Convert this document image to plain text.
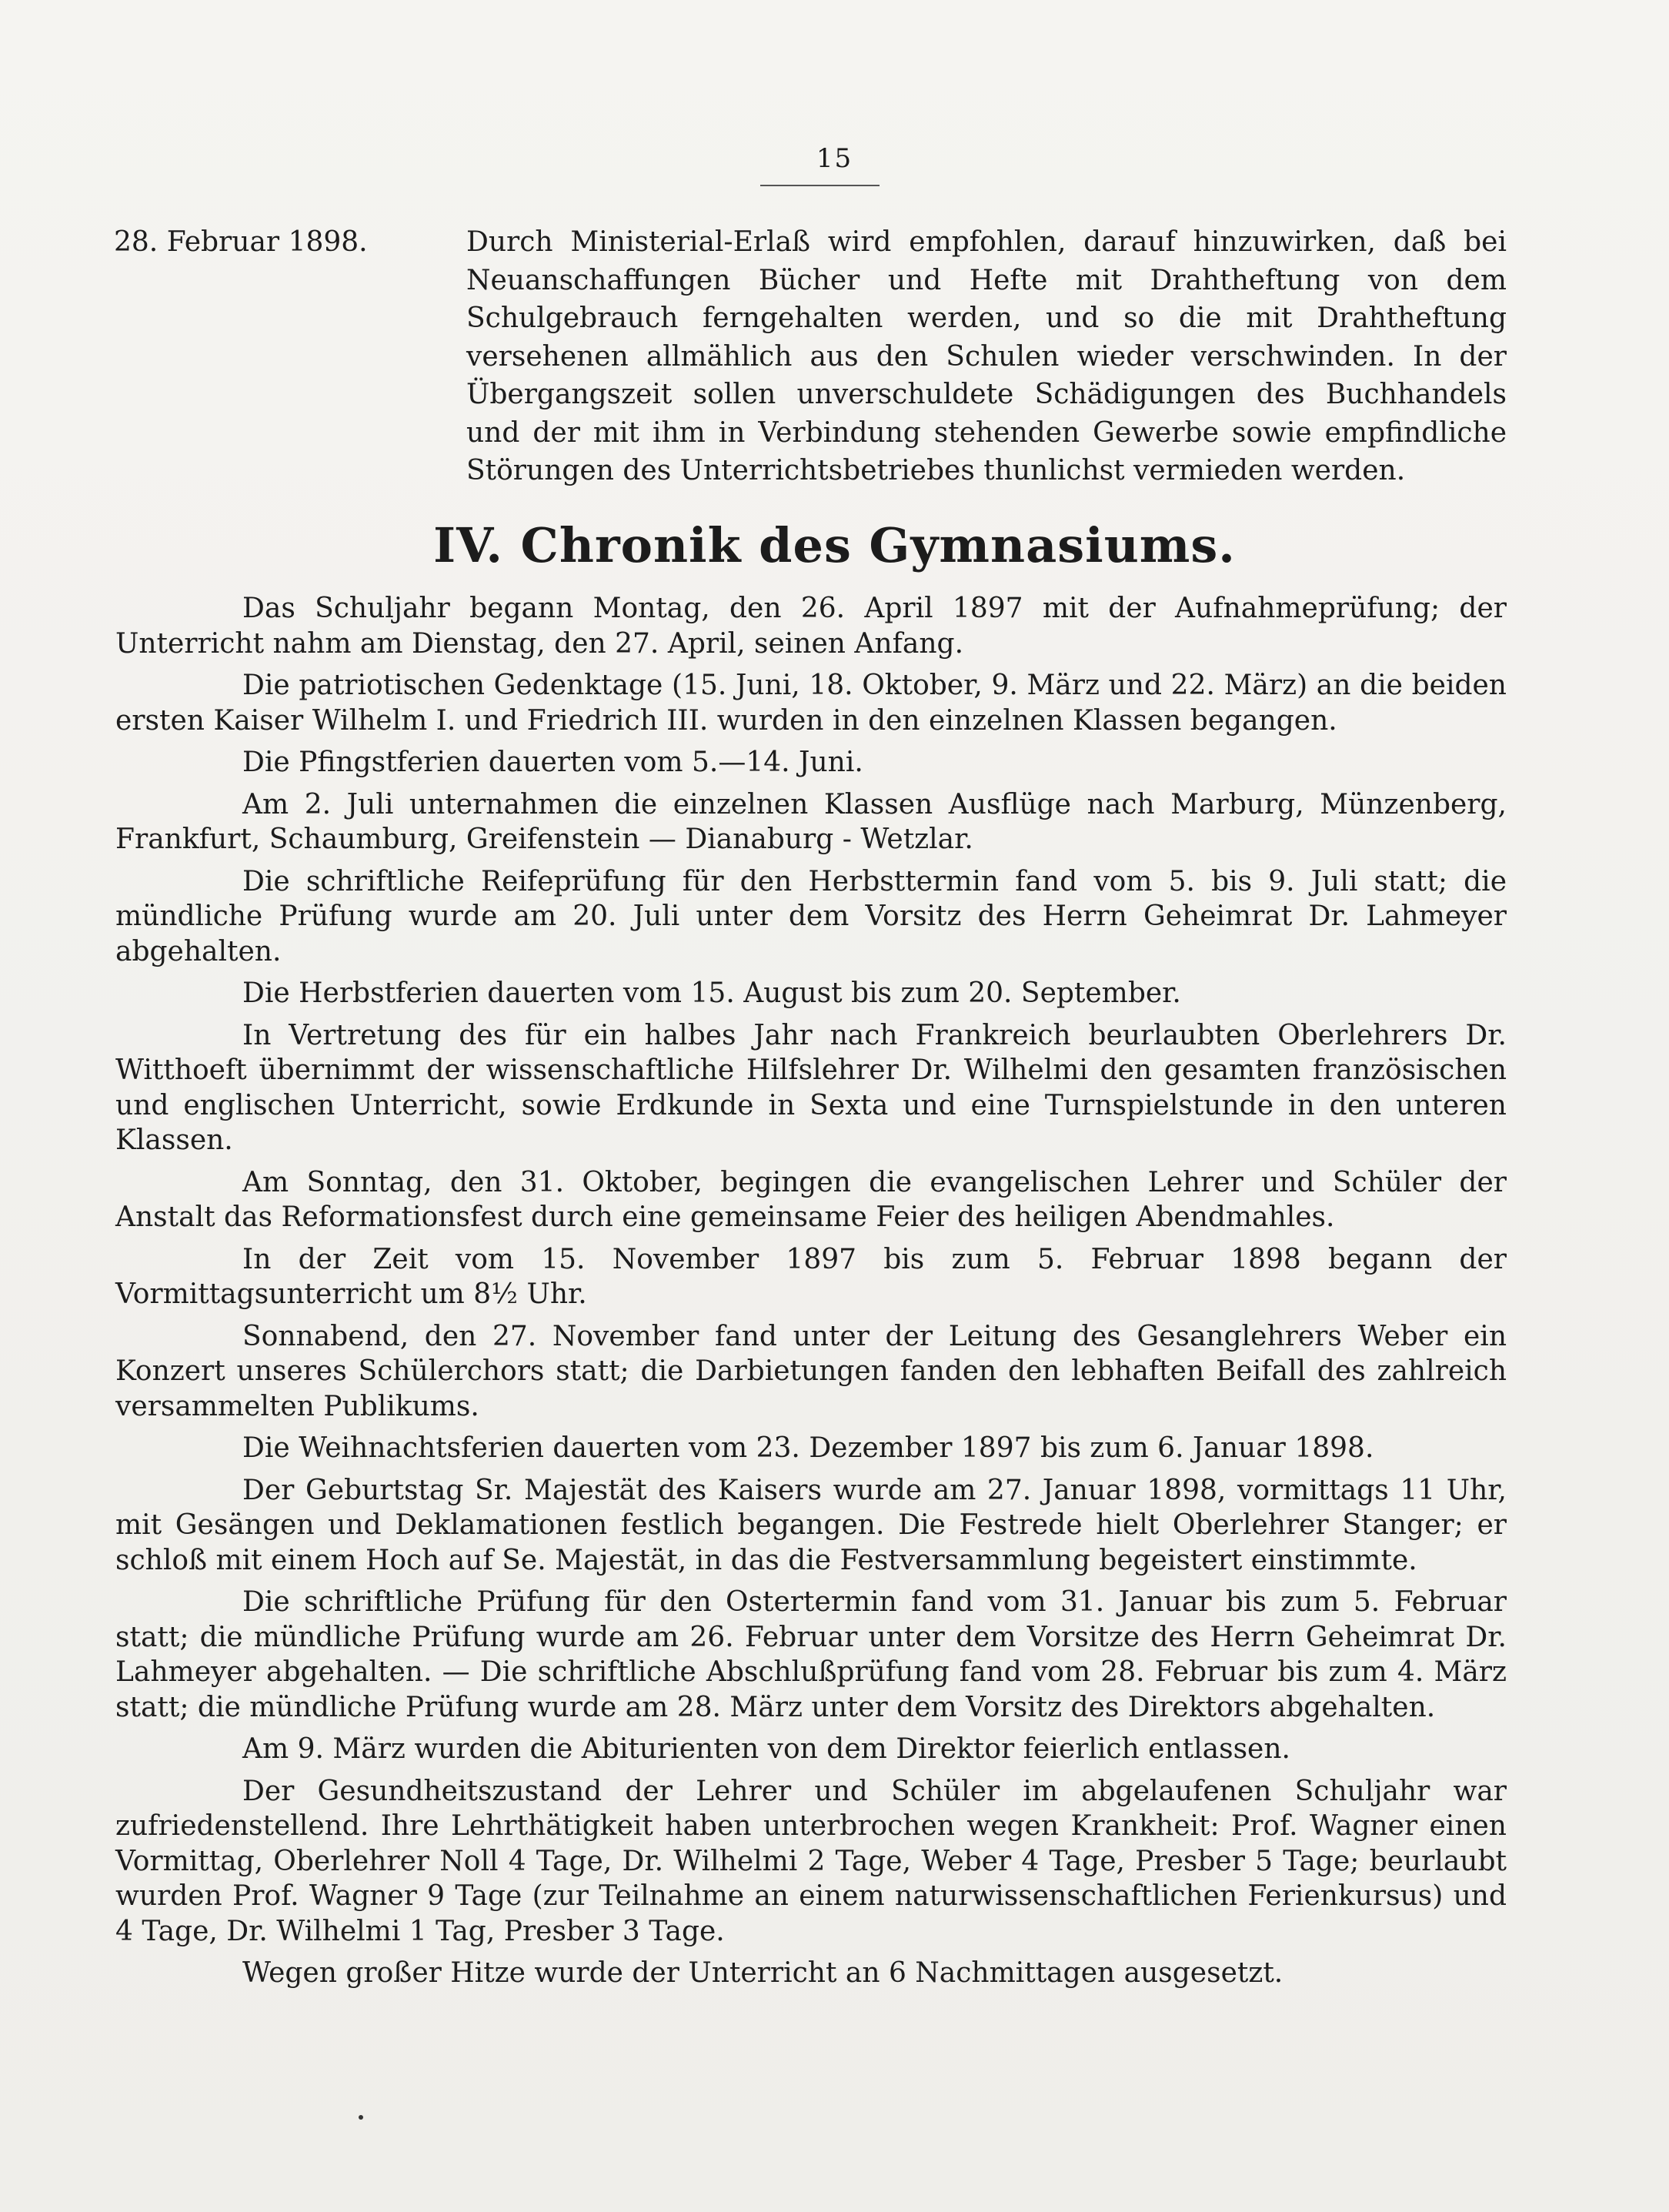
15
28. Februar 1898.	Durch Ministerial-Erlaß wird empfohlen, darauf hinzuwirken, daß bei Neuanschaffungen Bücher und Hefte mit Drahtheftung von dem Schulgebrauch ferngehalten werden, und so die mit Drahtheftung versehenen allmählich aus den Schulen wieder verschwinden. In der Übergangszeit sollen unverschuldete Schädigungen des Buchhandels und der mit ihm in Verbindung stehenden Gewerbe sowie empfindliche Störungen des Unterrichtsbetriebes thunlichst vermieden werden.
IV. Chronik des Gymnasiums.

Das Schuljahr begann Montag, den 26. April 1897 mit der Aufnahmeprüfung; der Unterricht nahm am Dienstag, den 27. April, seinen Anfang.

Die patriotischen Gedenktage (15. Juni, 18. Oktober, 9. März und 22. März) an die beiden ersten Kaiser Wilhelm I. und Friedrich III. wurden in den einzelnen Klassen begangen.

Die Pfingstferien dauerten vom 5.—14. Juni.

Am 2. Juli unternahmen die einzelnen Klassen Ausflüge nach Marburg, Münzenberg, Frankfurt, Schaumburg, Greifenstein — Dianaburg - Wetzlar.

Die schriftliche Reifeprüfung für den Herbsttermin fand vom 5. bis 9. Juli statt; die mündliche Prüfung wurde am 20. Juli unter dem Vorsitz des Herrn Geheimrat Dr. Lahmeyer abgehalten.

Die Herbstferien dauerten vom 15. August bis zum 20. September.

In Vertretung des für ein halbes Jahr nach Frankreich beurlaubten Oberlehrers Dr. Witthoeft übernimmt der wissenschaftliche Hilfslehrer Dr. Wilhelmi den gesamten französischen und englischen Unterricht, sowie Erdkunde in Sexta und eine Turnspielstunde in den unteren Klassen.

Am Sonntag, den 31. Oktober, begingen die evangelischen Lehrer und Schüler der Anstalt das Reformationsfest durch eine gemeinsame Feier des heiligen Abendmahles.

In der Zeit vom 15. November 1897 bis zum 5. Februar 1898 begann der Vormittagsunterricht um 8½ Uhr.

Sonnabend, den 27. November fand unter der Leitung des Gesanglehrers Weber ein Konzert unseres Schülerchors statt; die Darbietungen fanden den lebhaften Beifall des zahlreich versammelten Publikums.

Die Weihnachtsferien dauerten vom 23. Dezember 1897 bis zum 6. Januar 1898.

Der Geburtstag Sr. Majestät des Kaisers wurde am 27. Januar 1898, vormittags 11 Uhr, mit Gesängen und Deklamationen festlich begangen. Die Festrede hielt Oberlehrer Stanger; er schloß mit einem Hoch auf Se. Majestät, in das die Festversammlung begeistert einstimmte.

Die schriftliche Prüfung für den Ostertermin fand vom 31. Januar bis zum 5. Februar statt; die mündliche Prüfung wurde am 26. Februar unter dem Vorsitze des Herrn Geheimrat Dr. Lahmeyer abgehalten. — Die schriftliche Abschlußprüfung fand vom 28. Februar bis zum 4. März statt; die mündliche Prüfung wurde am 28. März unter dem Vorsitz des Direktors abgehalten.

Am 9. März wurden die Abiturienten von dem Direktor feierlich entlassen.

Der Gesundheitszustand der Lehrer und Schüler im abgelaufenen Schuljahr war zufriedenstellend. Ihre Lehrthätigkeit haben unterbrochen wegen Krankheit: Prof. Wagner einen Vormittag, Oberlehrer Noll 4 Tage, Dr. Wilhelmi 2 Tage, Weber 4 Tage, Presber 5 Tage; beurlaubt wurden Prof. Wagner 9 Tage (zur Teilnahme an einem naturwissenschaftlichen Ferienkursus) und 4 Tage, Dr. Wilhelmi 1 Tag, Presber 3 Tage.

Wegen großer Hitze wurde der Unterricht an 6 Nachmittagen ausgesetzt.
